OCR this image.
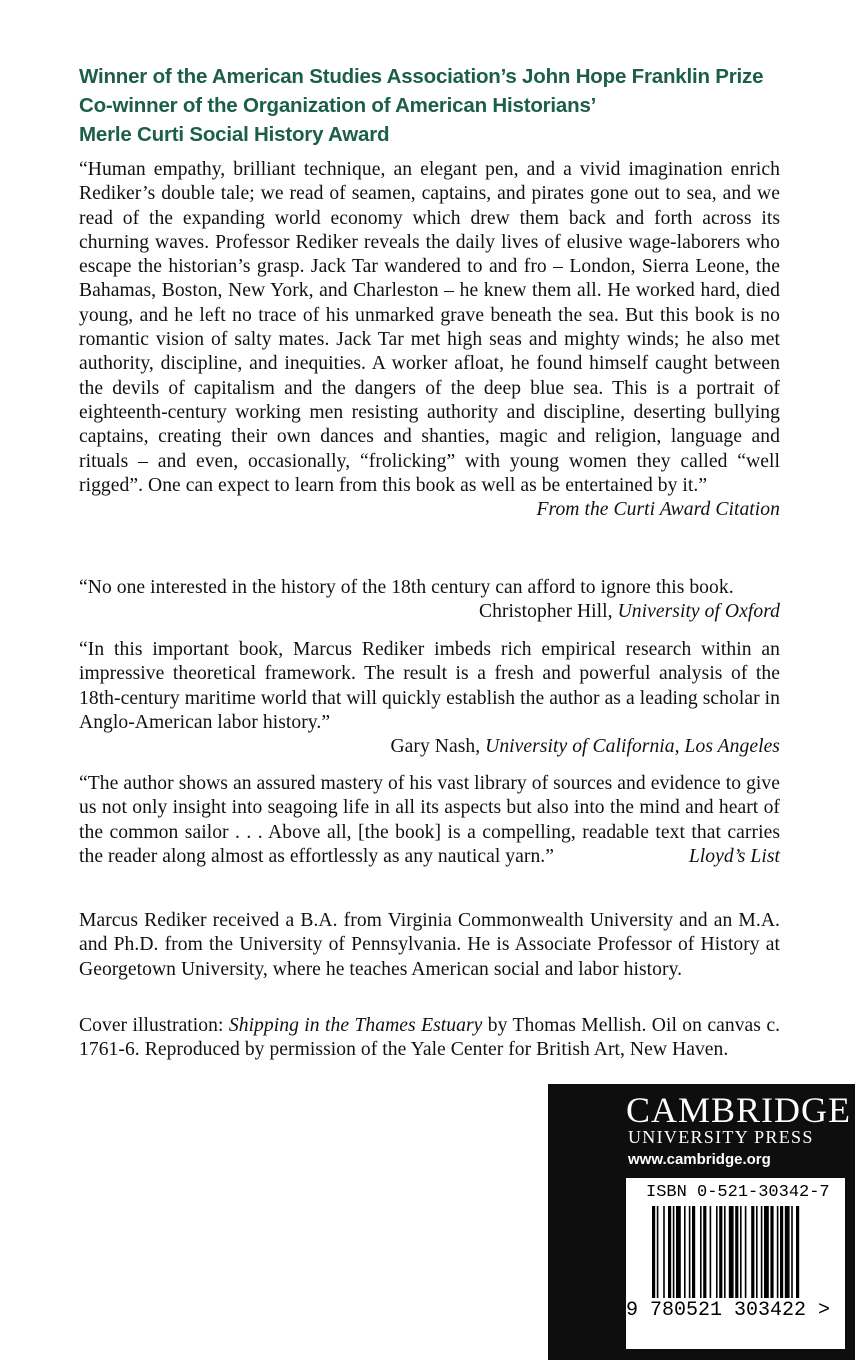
Winner of the American Studies Association’s John Hope Franklin Prize
Co-winner of the Organization of American Historians’
Merle Curti Social History Award
“Human empathy, brilliant technique, an elegant pen, and a vivid imagination enrich Rediker’s double tale; we read of seamen, captains, and pirates gone out to sea, and we read of the expanding world economy which drew them back and forth across its churning waves. Professor Rediker reveals the daily lives of elusive wage-laborers who escape the historian’s grasp. Jack Tar wandered to and fro – London, Sierra Leone, the Bahamas, Boston, New York, and Charleston – he knew them all. He worked hard, died young, and he left no trace of his unmarked grave beneath the sea. But this book is no romantic vision of salty mates. Jack Tar met high seas and mighty winds; he also met authority, discipline, and inequities. A worker afloat, he found himself caught between the devils of capitalism and the dangers of the deep blue sea. This is a portrait of eighteenth-century working men resisting authority and discipline, deserting bullying captains, creating their own dances and shanties, magic and religion, language and rituals – and even, occasionally, “frolicking” with young women they called “well rigged”. One can expect to learn from this book as well as be entertained by it.”
From the Curti Award Citation
“No one interested in the history of the 18th century can afford to ignore this book.
Christopher Hill, University of Oxford
“In this important book, Marcus Rediker imbeds rich empirical research within an impressive theoretical framework. The result is a fresh and powerful analysis of the 18th-century maritime world that will quickly establish the author as a leading scholar in Anglo-American labor history.”
Gary Nash, University of California, Los Angeles
“The author shows an assured mastery of his vast library of sources and evidence to give us not only insight into seagoing life in all its aspects but also into the mind and heart of the common sailor . . . Above all, [the book] is a compelling, readable text that carries the reader along almost as effortlessly as any nautical yarn.”	Lloyd’s List
Marcus Rediker received a B.A. from Virginia Commonwealth University and an M.A. and Ph.D. from the University of Pennsylvania. He is Associate Professor of History at Georgetown University, where he teaches American social and labor history.
Cover illustration: Shipping in the Thames Estuary by Thomas Mellish. Oil on canvas c. 1761-6. Reproduced by permission of the Yale Center for British Art, New Haven.
CAMBRIDGE
UNIVERSITY PRESS
www.cambridge.org
ISBN 0-521-30342-7
9 780521 303422 >
